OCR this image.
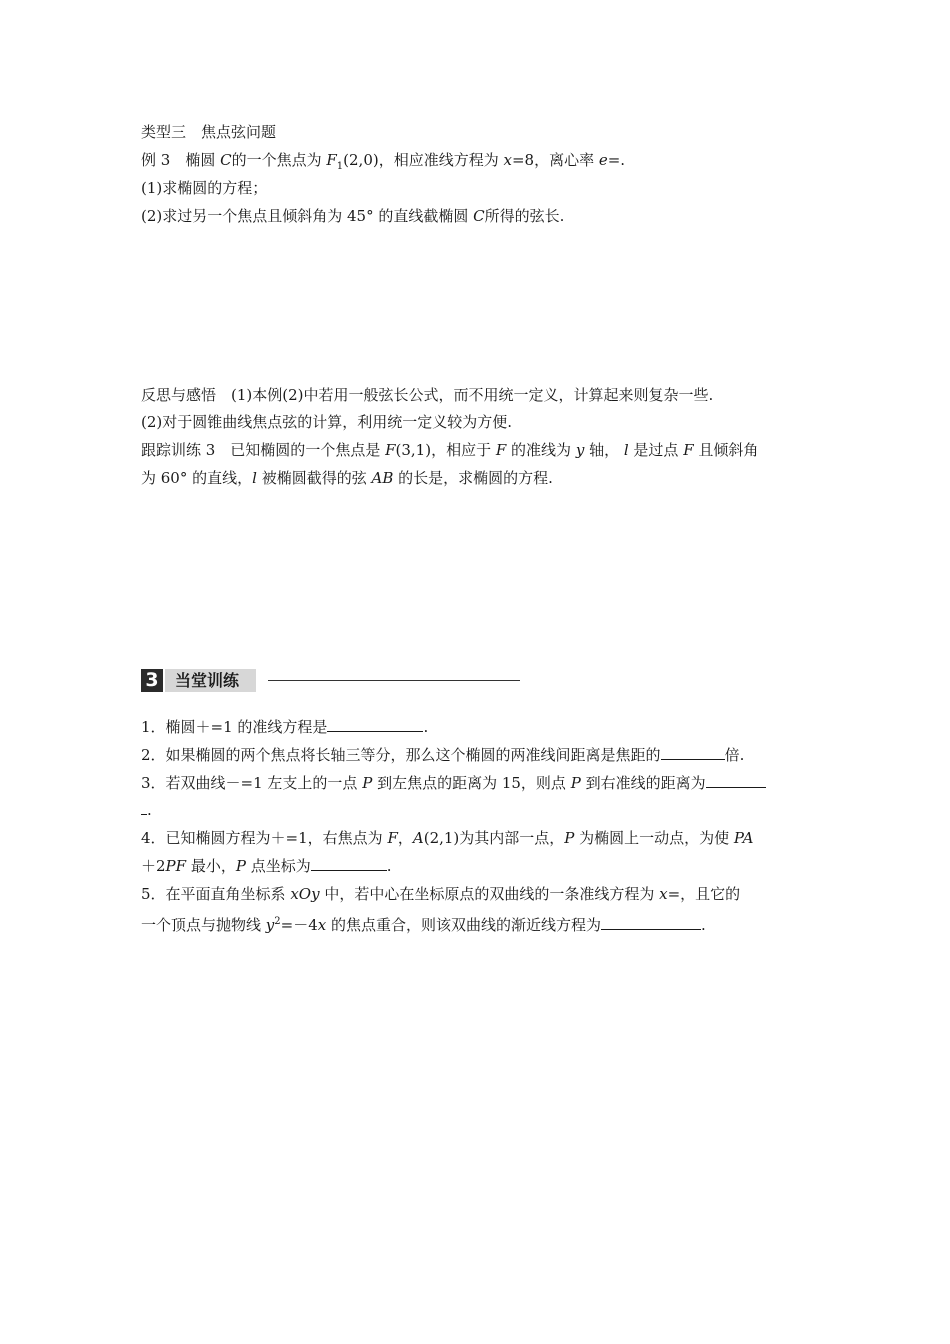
类型三　焦点弦问题
例 3　椭圆 C的一个焦点为 $F_1(2,0)$，相应准线方程为 x=8，离心率 e=.
(1)求椭圆的方程；
(2)求过另一个焦点且倾斜角为 45° 的直线截椭圆 C所得的弦长.
反思与感悟　(1)本例(2)中若用一般弦长公式，而不用统一定义，计算起来则复杂一些.
(2)对于圆锥曲线焦点弦的计算，利用统一定义较为方便.
跟踪训练 3　已知椭圆的一个焦点是 F(3,1)，相应于 F 的准线为 y 轴， l 是过点 F 且倾斜角
为 60° 的直线，l 被椭圆截得的弦 AB 的长是，求椭圆的方程.
3	当堂训练
1．椭圆＋=1 的准线方程是	.
2．如果椭圆的两个焦点将长轴三等分，那么这个椭圆的两准线间距离是焦距的	倍.
3．若双曲线－=1 左支上的一点 P 到左焦点的距离为 15，则点 P 到右准线的距离为
.
4．已知椭圆方程为＋=1，右焦点为 F，A(2,1)为其内部一点，P 为椭圆上一动点，为使 PA
＋2PF 最小，P 点坐标为	.
5．在平面直角坐标系 xOy 中，若中心在坐标原点的双曲线的一条准线方程为 x=，且它的
一个顶点与抛物线 $y^2=-4x$ 的焦点重合，则该双曲线的渐近线方程为	.
